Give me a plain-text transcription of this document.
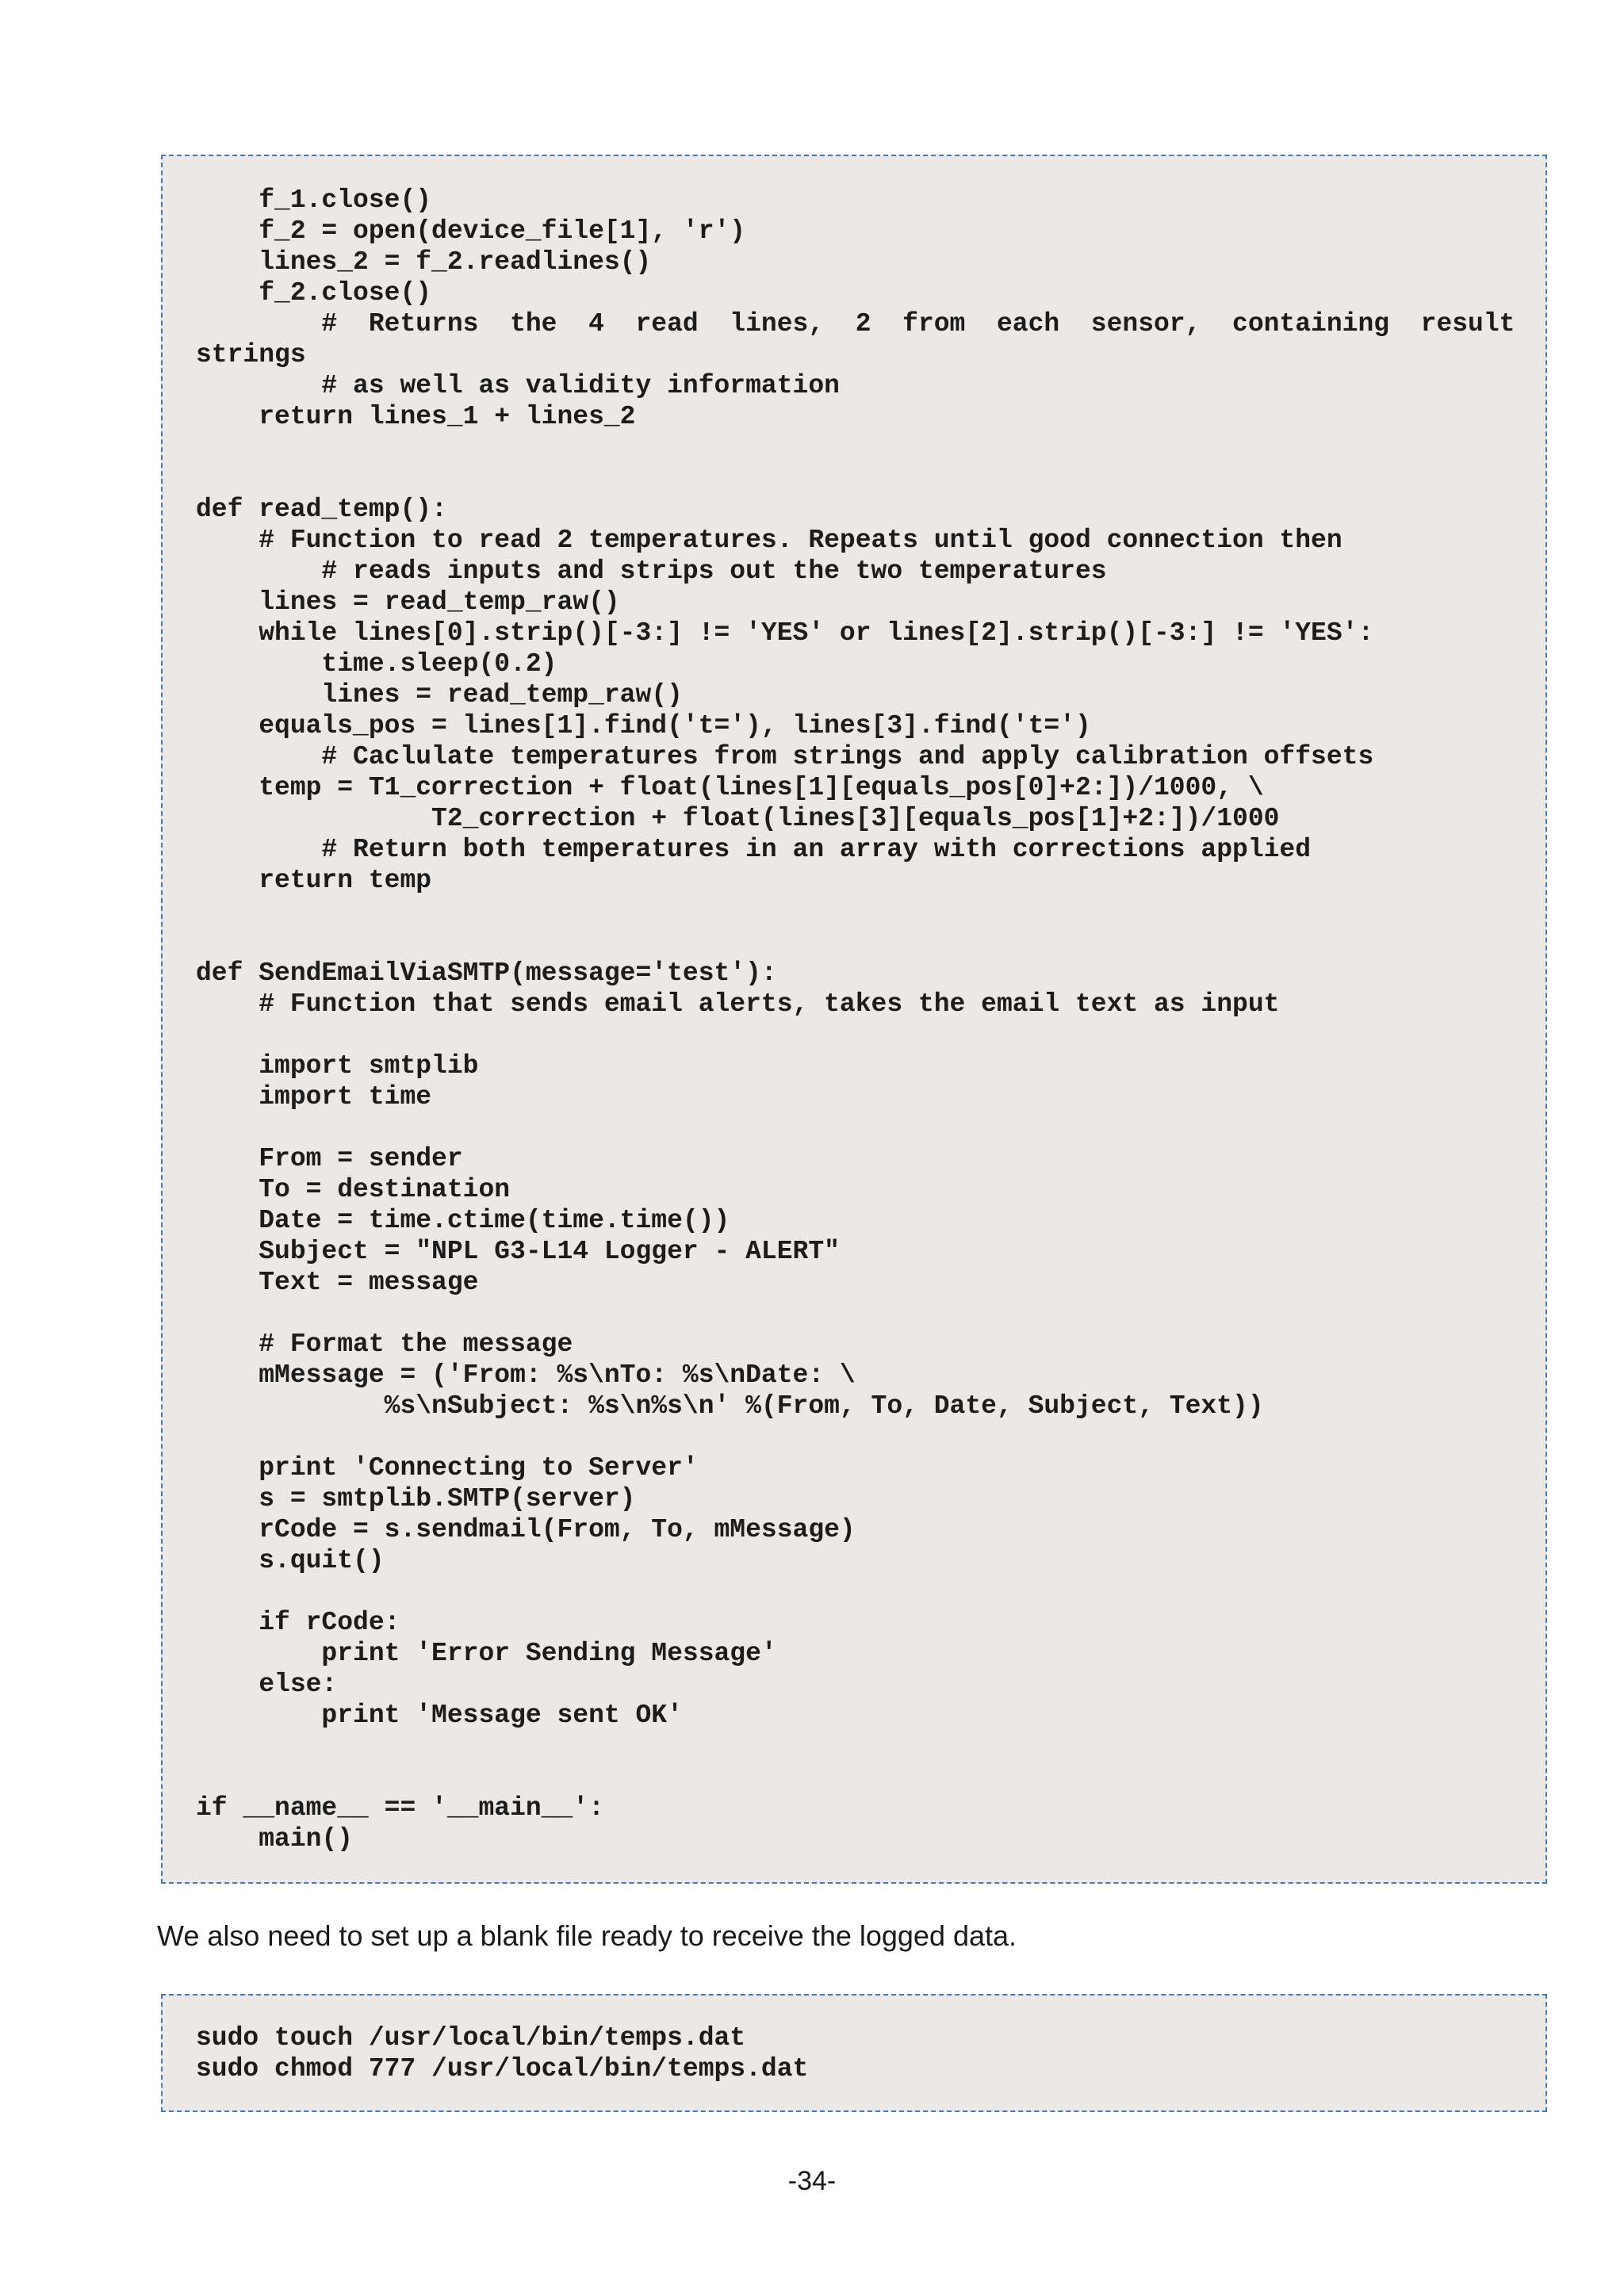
f_1.close()
f_2 = open(device_file[1], 'r')
lines_2 = f_2.readlines()
f_2.close()
#  Returns  the  4  read  lines,  2  from  each  sensor,  containing  result
strings
# as well as validity information
return lines_1 + lines_2

def read_temp():
# Function to read 2 temperatures. Repeats until good connection then
# reads inputs and strips out the two temperatures
lines = read_temp_raw()
while lines[0].strip()[-3:] != 'YES' or lines[2].strip()[-3:] != 'YES':
time.sleep(0.2)
lines = read_temp_raw()
equals_pos = lines[1].find('t='), lines[3].find('t=')
# Caclulate temperatures from strings and apply calibration offsets
temp = T1_correction + float(lines[1][equals_pos[0]+2:])/1000, \
T2_correction + float(lines[3][equals_pos[1]+2:])/1000
# Return both temperatures in an array with corrections applied
return temp

def SendEmailViaSMTP(message='test'):
# Function that sends email alerts, takes the email text as input

import smtplib
import time

From = sender
To = destination
Date = time.ctime(time.time())
Subject = "NPL G3-L14 Logger - ALERT"
Text = message

# Format the message
mMessage = ('From: %s\nTo: %s\nDate: \
%s\nSubject: %s\n%s\n' %(From, To, Date, Subject, Text))

print 'Connecting to Server'
s = smtplib.SMTP(server)
rCode = s.sendmail(From, To, mMessage)
s.quit()

if rCode:
print 'Error Sending Message'
else:
print 'Message sent OK'

if __name__ == '__main__':
main()

We also need to set up a blank file ready to receive the logged data.

sudo touch /usr/local/bin/temps.dat
sudo chmod 777 /usr/local/bin/temps.dat

-34-
